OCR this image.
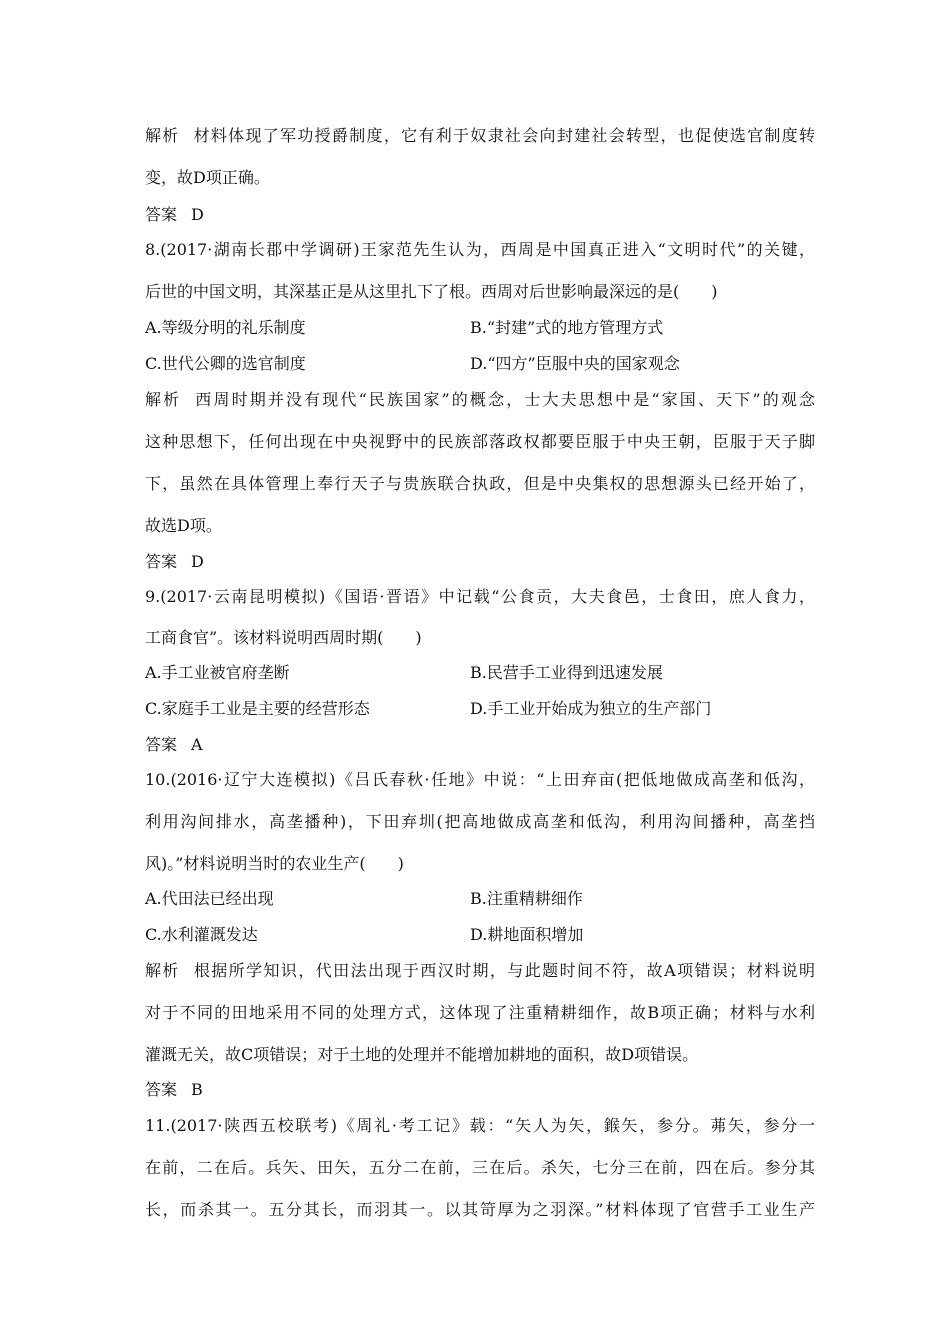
解析 材料体现了军功授爵制度，它有利于奴隶社会向封建社会转型，也促使选官制度转
变，故D项正确。
答案 D
8.(2017·湖南长郡中学调研)王家范先生认为，西周是中国真正进入“文明时代”的关键，
后世的中国文明，其深基正是从这里扎下了根。西周对后世影响最深远的是(　　)
A.等级分明的礼乐制度	B.“封建”式的地方管理方式
C.世代公卿的选官制度	D.“四方”臣服中央的国家观念
解析 西周时期并没有现代“民族国家”的概念，士大夫思想中是“家国、天下”的观念
这种思想下，任何出现在中央视野中的民族部落政权都要臣服于中央王朝，臣服于天子脚
下，虽然在具体管理上奉行天子与贵族联合执政，但是中央集权的思想源头已经开始了，
故选D项。
答案 D
9.(2017·云南昆明模拟)《国语·晋语》中记载“公食贡，大夫食邑，士食田，庶人食力，
工商食官”。该材料说明西周时期(　　)
A.手工业被官府垄断	B.民营手工业得到迅速发展
C.家庭手工业是主要的经营形态	D.手工业开始成为独立的生产部门
答案 A
10.(2016·辽宁大连模拟)《吕氏春秋·任地》中说：“上田弃亩(把低地做成高垄和低沟，
利用沟间排水，高垄播种)，下田弃圳(把高地做成高垄和低沟，利用沟间播种，高垄挡
风)。”材料说明当时的农业生产(　　)
A.代田法已经出现	B.注重精耕细作
C.水利灌溉发达	D.耕地面积增加
解析 根据所学知识，代田法出现于西汉时期，与此题时间不符，故A项错误；材料说明
对于不同的田地采用不同的处理方式，这体现了注重精耕细作，故B项正确；材料与水利
灌溉无关，故C项错误；对于土地的处理并不能增加耕地的面积，故D项错误。
答案 B
11.(2017·陕西五校联考)《周礼·考工记》载：“矢人为矢，鍭矢，参分。茀矢，参分一
在前，二在后。兵矢、田矢，五分二在前，三在后。杀矢，七分三在前，四在后。参分其
长，而杀其一。五分其长，而羽其一。以其笴厚为之羽深。”材料体现了官营手工业生产
